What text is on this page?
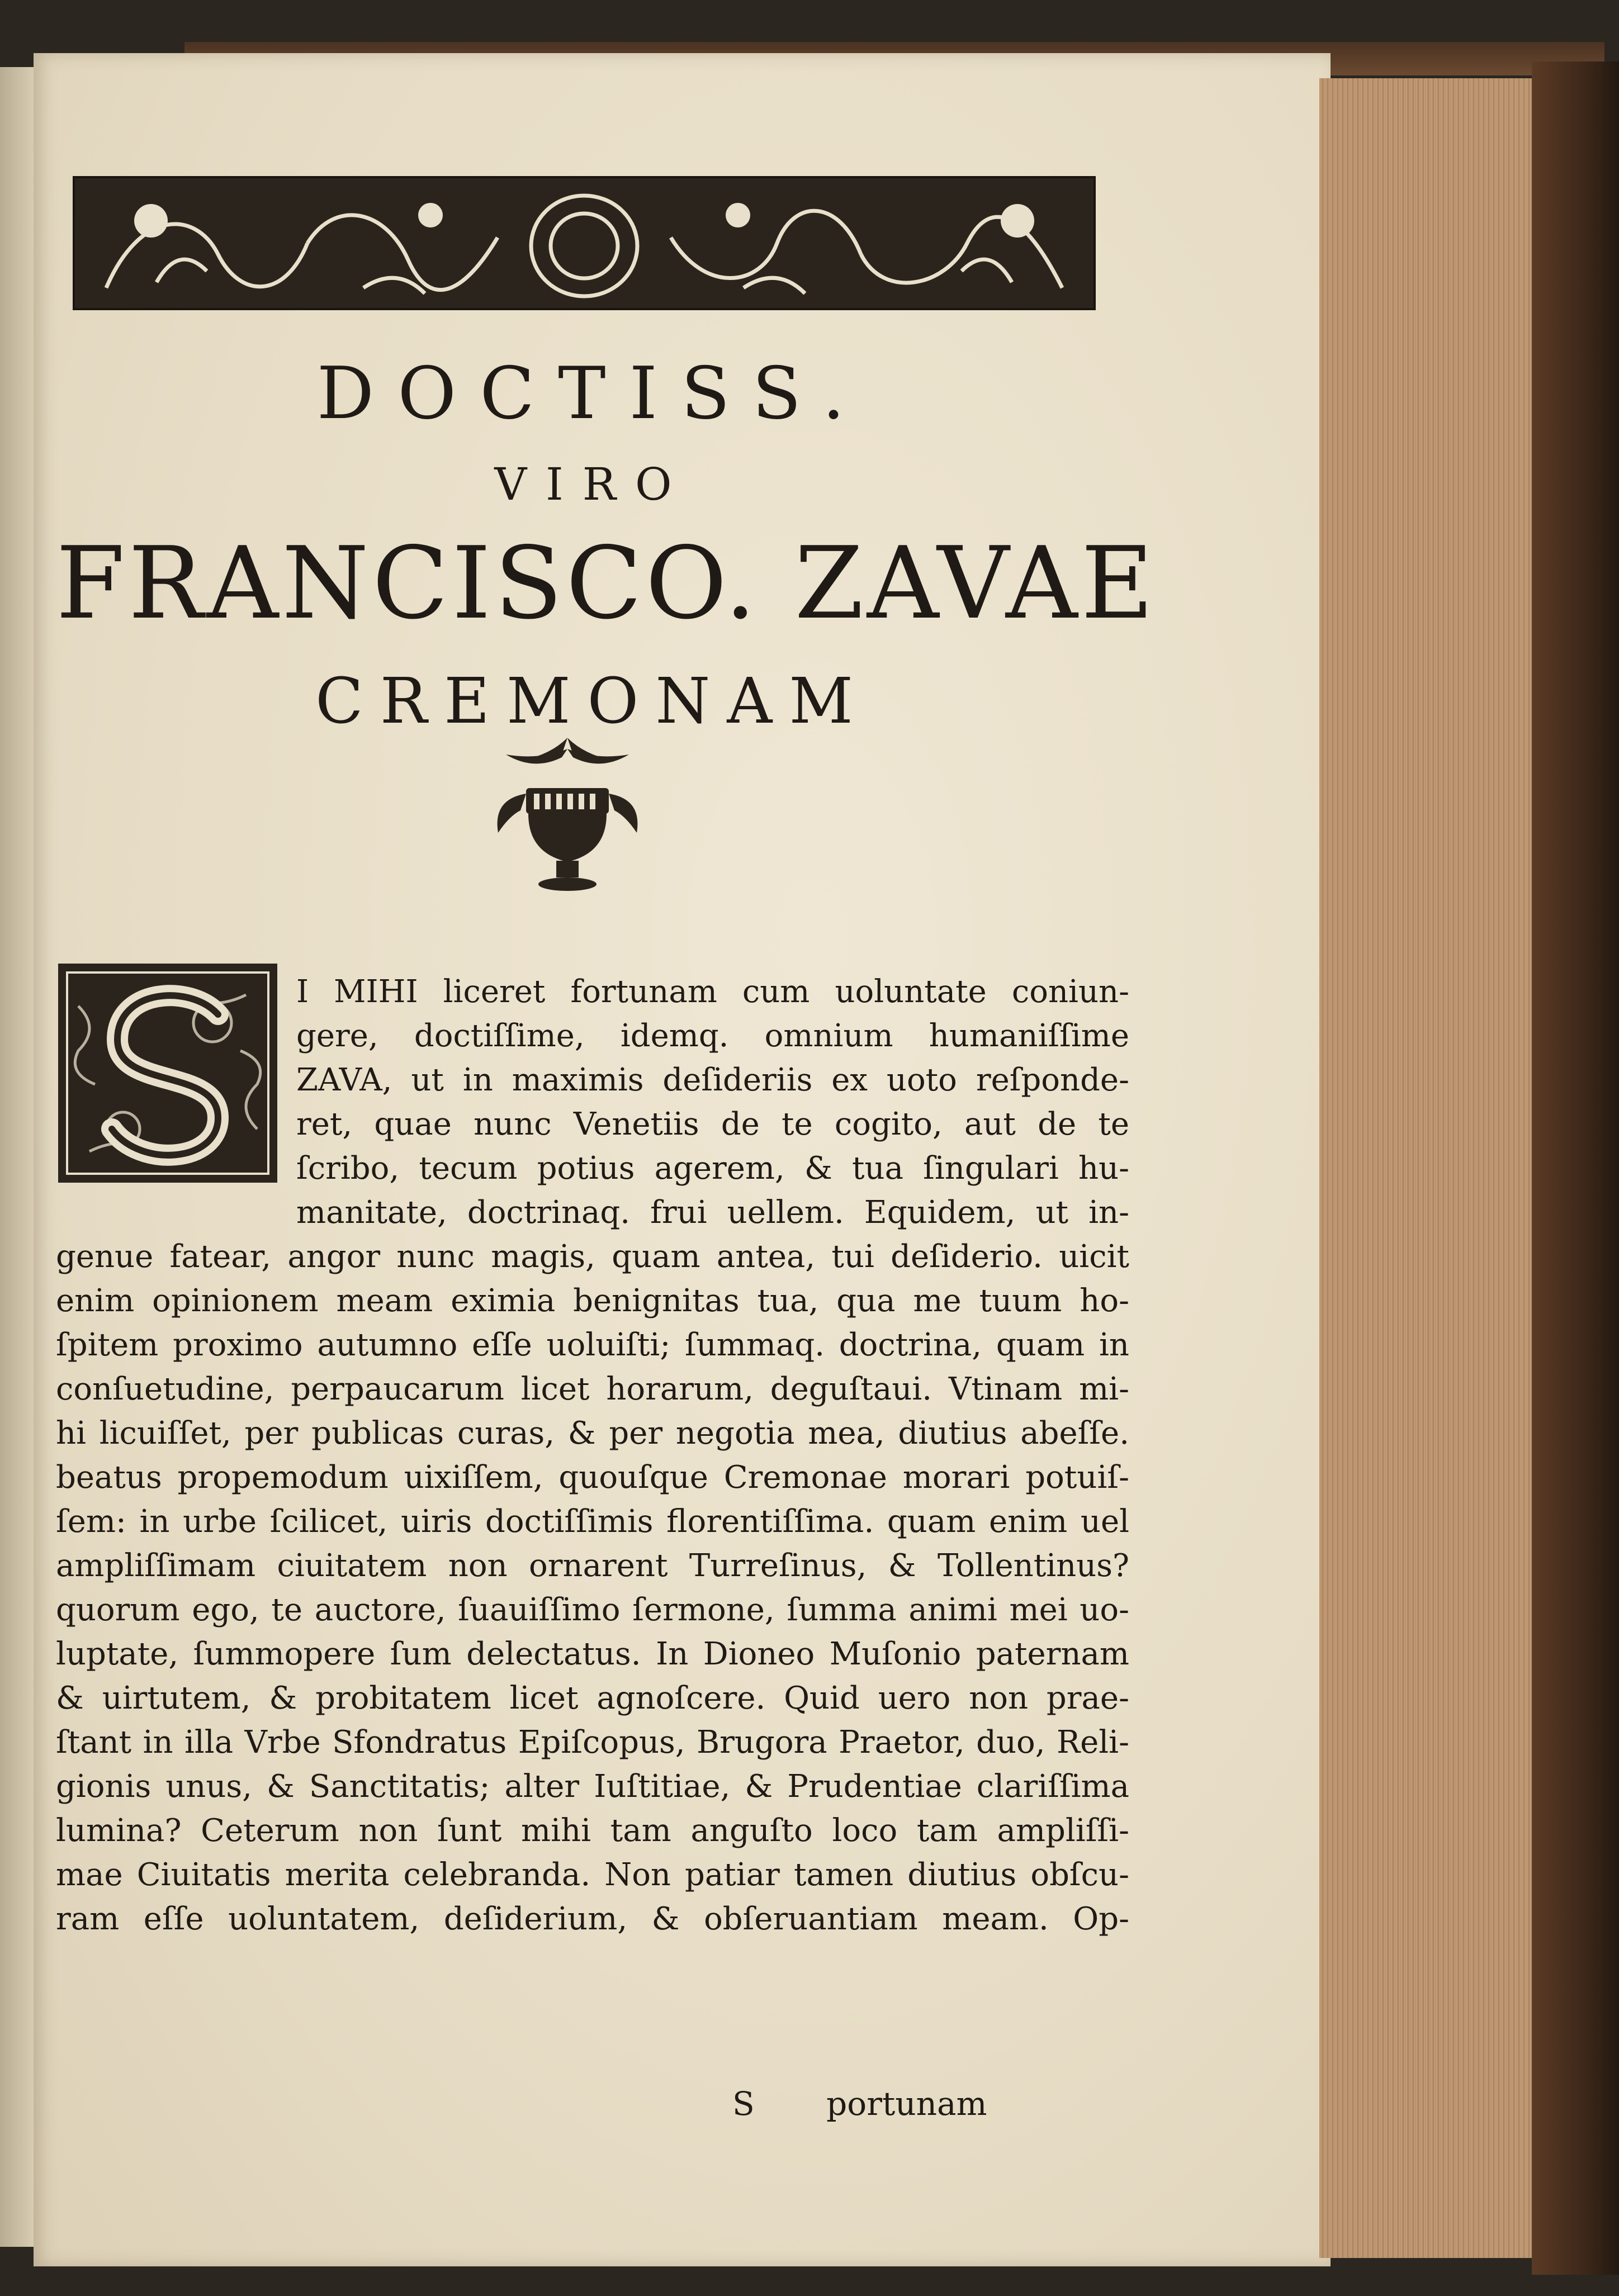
DOCTISS.
VIRO
FRANCISCO. ZAVAE
CREMONAM
I MIHI liceret fortunam cum uoluntate coniun-
gere, doctiſſime, idemq. omnium humaniſſime
ZAVA, ut in maximis deſideriis ex uoto reſponde-
ret, quae nunc Venetiis de te cogito, aut de te
ſcribo, tecum potius agerem, & tua ſingulari hu-
manitate, doctrinaq. frui uellem. Equidem, ut in-
genue fatear, angor nunc magis, quam antea, tui deſiderio. uicit
enim opinionem meam eximia benignitas tua, qua me tuum ho-
ſpitem proximo autumno eſſe uoluiſti; ſummaq. doctrina, quam in
conſuetudine, perpaucarum licet horarum, deguſtaui. Vtinam mi-
hi licuiſſet, per publicas curas, & per negotia mea, diutius abeſſe.
beatus propemodum uixiſſem, quouſque Cremonae morari potuiſ-
ſem: in urbe ſcilicet, uiris doctiſſimis florentiſſima. quam enim uel
ampliſſimam ciuitatem non ornarent Turreſinus, & Tollentinus?
quorum ego, te auctore, ſuauiſſimo ſermone, ſumma animi mei uo-
luptate, ſummopere ſum delectatus. In Dioneo Muſonio paternam
& uirtutem, & probitatem licet agnoſcere. Quid uero non prae-
ſtant in illa Vrbe Sfondratus Epiſcopus, Brugora Praetor, duo, Reli-
gionis unus, & Sanctitatis; alter Iuſtitiae, & Prudentiae clariſſima
lumina? Ceterum non ſunt mihi tam anguſto loco tam ampliſſi-
mae Ciuitatis merita celebranda. Non patiar tamen diutius obſcu-
ram eſſe uoluntatem, deſiderium, & obſeruantiam meam. Op-
S portunam
